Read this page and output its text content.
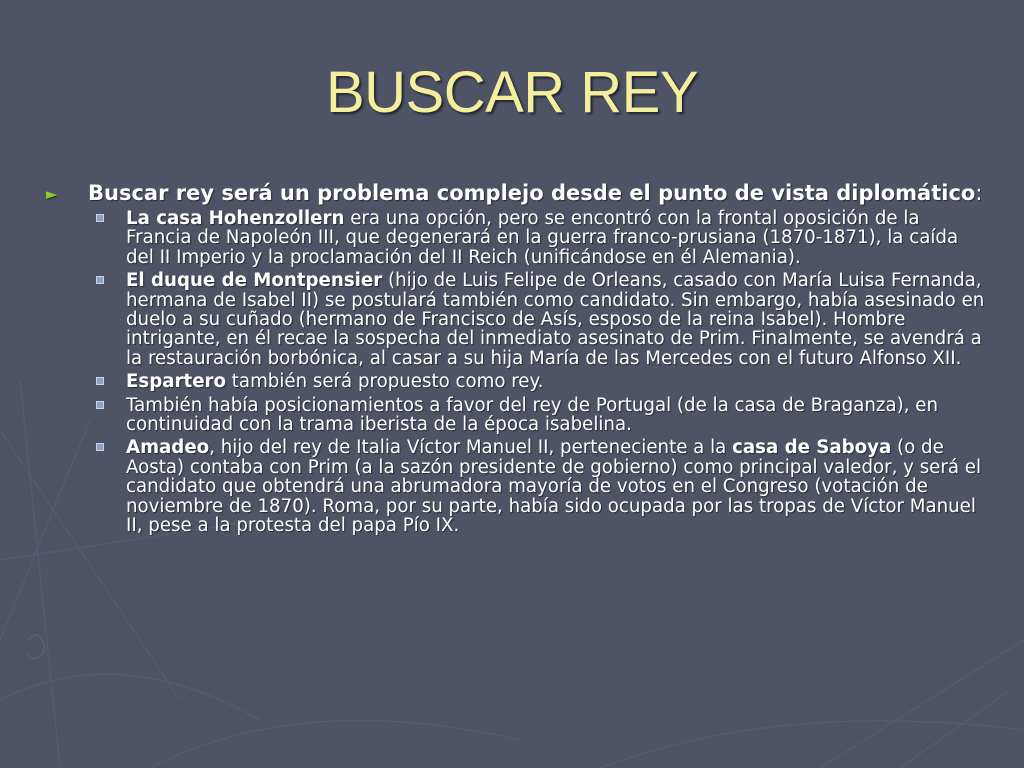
BUSCAR REY
►	Buscar rey será un problema complejo desde el punto de vista diplomático:
La casa Hohenzollern era una opción, pero se encontró con la frontal oposición de la Francia de Napoleón III, que degenerará en la guerra franco-prusiana (1870-1871), la caída del II Imperio y la proclamación del II Reich (unificándose en él Alemania).
El duque de Montpensier (hijo de Luis Felipe de Orleans, casado con María Luisa Fernanda, hermana de Isabel II) se postulará también como candidato. Sin embargo, había asesinado en duelo a su cuñado (hermano de Francisco de Asís, esposo de la reina Isabel). Hombre intrigante, en él recae la sospecha del inmediato asesinato de Prim. Finalmente, se avendrá a la restauración borbónica, al casar a su hija María de las Mercedes con el futuro Alfonso XII.
Espartero también será propuesto como rey.
También había posicionamientos a favor del rey de Portugal (de la casa de Braganza), en continuidad con la trama iberista de la época isabelina.
Amadeo, hijo del rey de Italia Víctor Manuel II, perteneciente a la casa de Saboya (o de Aosta) contaba con Prim (a la sazón presidente de gobierno) como principal valedor, y será el candidato que obtendrá una abrumadora mayoría de votos en el Congreso (votación de noviembre de 1870). Roma, por su parte, había sido ocupada por las tropas de Víctor Manuel II, pese a la protesta del papa Pío IX.
